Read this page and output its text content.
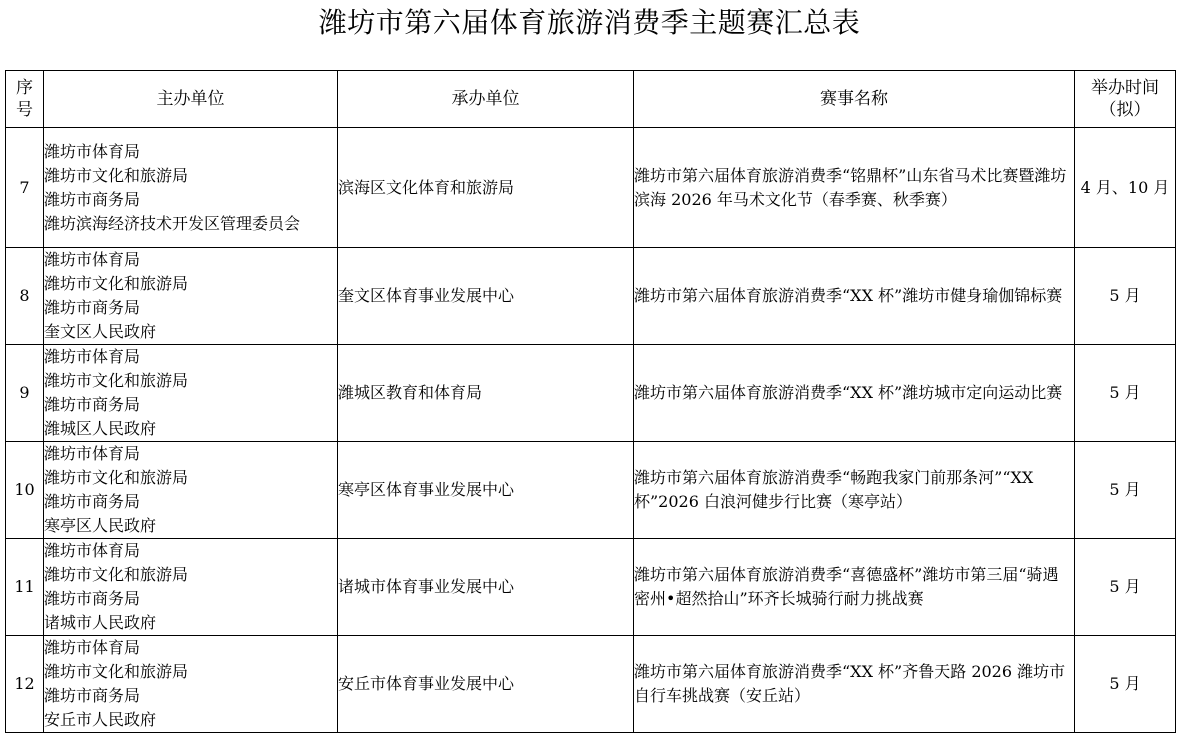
潍坊市第六届体育旅游消费季主题赛汇总表
序
号	主办单位	承办单位	赛事名称	举办时间
（拟）

7	潍坊市体育局
潍坊市文化和旅游局
潍坊市商务局
潍坊滨海经济技术开发区管理委员会	滨海区文化体育和旅游局	潍坊市第六届体育旅游消费季“铭鼎杯”山东省马术比赛暨潍坊滨海 2026 年马术文化节（春季赛、秋季赛）	4 月、10 月
8	潍坊市体育局
潍坊市文化和旅游局
潍坊市商务局
奎文区人民政府	奎文区体育事业发展中心	潍坊市第六届体育旅游消费季“XX 杯”潍坊市健身瑜伽锦标赛	5 月
9	潍坊市体育局
潍坊市文化和旅游局
潍坊市商务局
潍城区人民政府	潍城区教育和体育局	潍坊市第六届体育旅游消费季“XX 杯”潍坊城市定向运动比赛	5 月
10	潍坊市体育局
潍坊市文化和旅游局
潍坊市商务局
寒亭区人民政府	寒亭区体育事业发展中心	潍坊市第六届体育旅游消费季“畅跑我家门前那条河”“XX 杯”2026 白浪河健步行比赛（寒亭站）	5 月
11	潍坊市体育局
潍坊市文化和旅游局
潍坊市商务局
诸城市人民政府	诸城市体育事业发展中心	潍坊市第六届体育旅游消费季“喜德盛杯”潍坊市第三届“骑遇密州•超然拾山”环齐长城骑行耐力挑战赛	5 月
12	潍坊市体育局
潍坊市文化和旅游局
潍坊市商务局
安丘市人民政府	安丘市体育事业发展中心	潍坊市第六届体育旅游消费季“XX 杯”齐鲁天路 2026 潍坊市自行车挑战赛（安丘站）	5 月
